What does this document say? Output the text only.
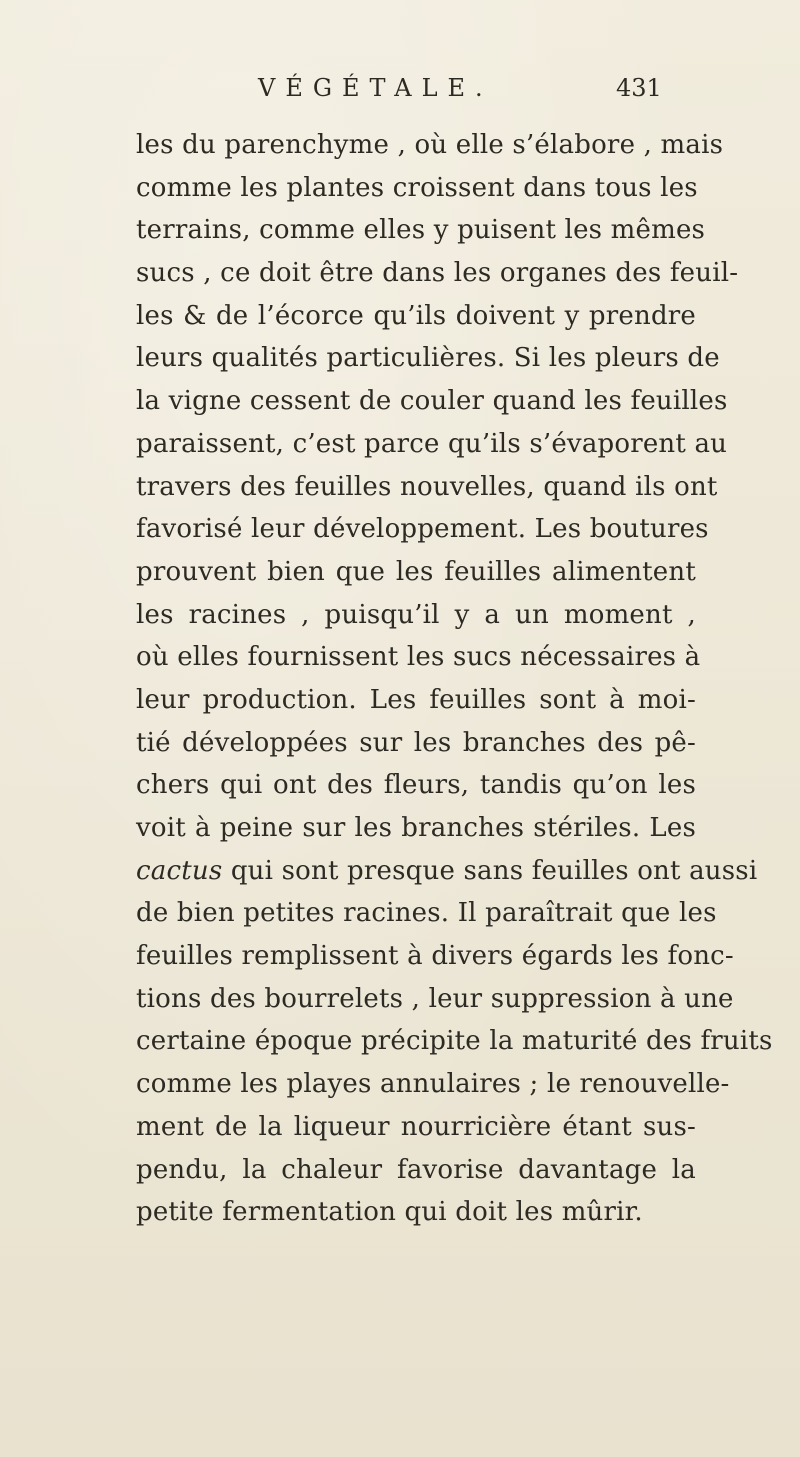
VÉGÉTALE.	431
les du parenchyme , où elle s’élabore , mais
comme les plantes croissent dans tous les
terrains, comme elles y puisent les mêmes
sucs , ce doit être dans les organes des feuil-
les & de l’écorce qu’ils doivent y prendre
leurs qualités particulières. Si les pleurs de
la vigne cessent de couler quand les feuilles
paraissent, c’est parce qu’ils s’évaporent au
travers des feuilles nouvelles, quand ils ont
favorisé leur développement. Les boutures
prouvent bien que les feuilles alimentent
les racines , puisqu’il y a un moment ,
où elles fournissent les sucs nécessaires à
leur production. Les feuilles sont à moi-
tié développées sur les branches des pê-
chers qui ont des fleurs, tandis qu’on les
voit à peine sur les branches stériles. Les
cactus qui sont presque sans feuilles ont aussi
de bien petites racines. Il paraîtrait que les
feuilles remplissent à divers égards les fonc-
tions des bourrelets , leur suppression à une
certaine époque précipite la maturité des fruits
comme les playes annulaires ; le renouvelle-
ment de la liqueur nourricière étant sus-
pendu, la chaleur favorise davantage la
petite fermentation qui doit les mûrir.
